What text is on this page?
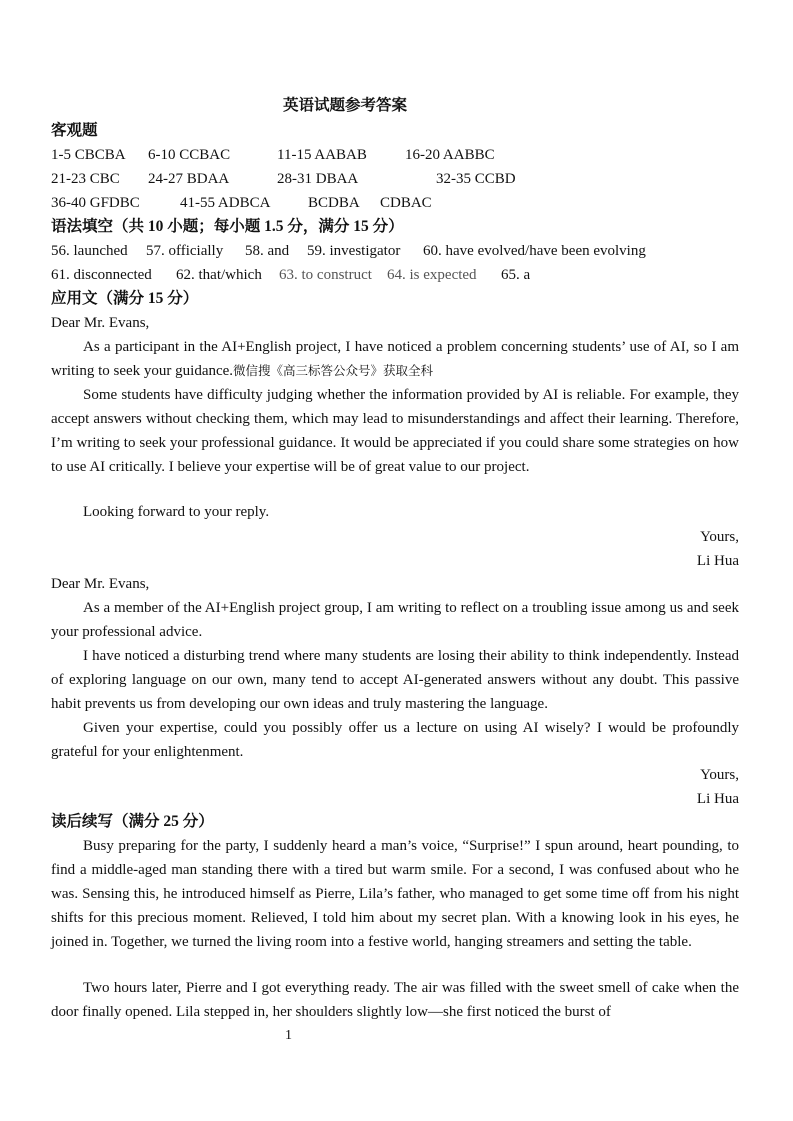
英语试题参考答案
客观题
1-5 CBCBA 6-10 CCBAC	11-15 AABAB	16-20 AABBC
21-23 CBC 24-27 BDAA	28-31 DBAA	32-35 CCBD
36-40 GFDBC	41-55 ADBCA	BCDBA CDBAC
语法填空（共 10 小题；每小题 1.5 分，满分 15 分）
56. launched 57. officially 58. and 59. investigator 60. have evolved/have been evolving
61. disconnected 62. that/which 63. to construct 64. is expected 65. a
应用文（满分 15 分）
Dear Mr. Evans,
As a participant in the AI+English project, I have noticed a problem concerning students’ use of AI, so I am writing to seek your guidance.微信搜《高三标答公众号》获取全科
Some students have difficulty judging whether the information provided by AI is reliable. For example, they accept answers without checking them, which may lead to misunderstandings and affect their learning. Therefore, I’m writing to seek your professional guidance. It would be appreciated if you could share some strategies on how to use AI critically. I believe your expertise will be of great value to our project.
Looking forward to your reply.
Yours,
Li Hua
Dear Mr. Evans,
As a member of the AI+English project group, I am writing to reflect on a troubling issue among us and seek your professional advice.
I have noticed a disturbing trend where many students are losing their ability to think independently. Instead of exploring language on our own, many tend to accept AI-generated answers without any doubt. This passive habit prevents us from developing our own ideas and truly mastering the language.
Given your expertise, could you possibly offer us a lecture on using AI wisely? I would be profoundly grateful for your enlightenment.
Yours,
Li Hua
读后续写（满分 25 分）
Busy preparing for the party, I suddenly heard a man’s voice, “Surprise!” I spun around, heart pounding, to find a middle-aged man standing there with a tired but warm smile. For a second, I was confused about who he was. Sensing this, he introduced himself as Pierre, Lila’s father, who managed to get some time off from his night shifts for this precious moment. Relieved, I told him about my secret plan. With a knowing look in his eyes, he joined in. Together, we turned the living room into a festive world, hanging streamers and setting the table.
Two hours later, Pierre and I got everything ready. The air was filled with the sweet smell of cake when the door finally opened. Lila stepped in, her shoulders slightly low—she first noticed the burst of
1
